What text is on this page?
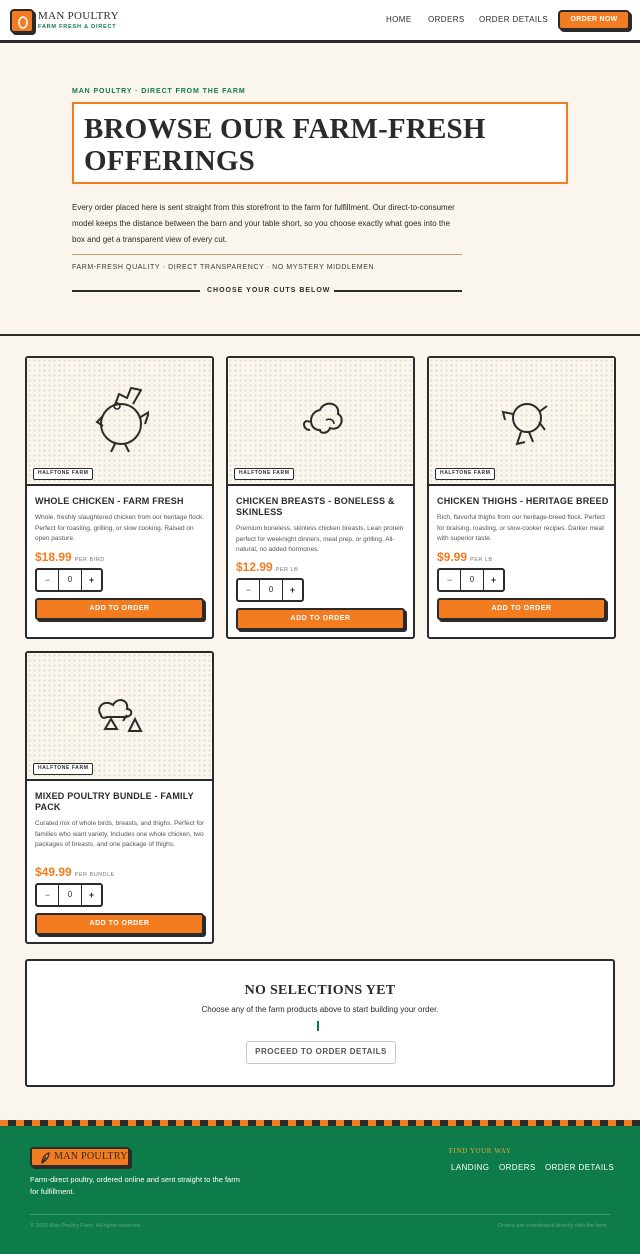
MAN POULTRY
FARM FRESH & DIRECT
HOME ORDERS ORDER DETAILS	ORDER NOW
MAN POULTRY · DIRECT FROM THE FARM
BROWSE OUR FARM-FRESH OFFERINGS

Every order placed here is sent straight from this storefront to the farm for fulfillment. Our direct-to-consumer model keeps the distance between the barn and your table short, so you choose exactly what goes into the box and get a transparent view of every cut.

FARM-FRESH QUALITY · DIRECT TRANSPARENCY · NO MYSTERY MIDDLEMEN
CHOOSE YOUR CUTS BELOW
HALFTONE FARM
WHOLE CHICKEN - FARM FRESH
Whole, freshly slaughtered chicken from our heritage flock. Perfect for roasting, grilling, or slow cooking. Raised on open pasture.
$18.99 PER BIRD
−	0	+
ADD TO ORDER
HALFTONE FARM
CHICKEN BREASTS - BONELESS & SKINLESS
Premium boneless, skinless chicken breasts. Lean protein perfect for weeknight dinners, meal prep, or grilling. All-natural, no added hormones.
$12.99 PER LB
−	0	+
ADD TO ORDER
HALFTONE FARM
CHICKEN THIGHS - HERITAGE BREED
Rich, flavorful thighs from our heritage-breed flock. Perfect for braising, roasting, or slow-cooker recipes. Darker meat with superior taste.
$9.99 PER LB
−	0	+
ADD TO ORDER
HALFTONE FARM
MIXED POULTRY BUNDLE - FAMILY PACK
Curated mix of whole birds, breasts, and thighs. Perfect for families who want variety. Includes one whole chicken, two packages of breasts, and one package of thighs.
$49.99 PER BUNDLE
−	0	+
ADD TO ORDER
NO SELECTIONS YET
Choose any of the farm products above to start building your order.
PROCEED TO ORDER DETAILS
MAN POULTRY
Farm-direct poultry, ordered online and sent straight to the farm for fulfillment.
FIND YOUR WAY
LANDING ORDERS ORDER DETAILS
© 2025 Man Poultry Farm. All rights reserved.	Orders are coordinated directly with the farm.
